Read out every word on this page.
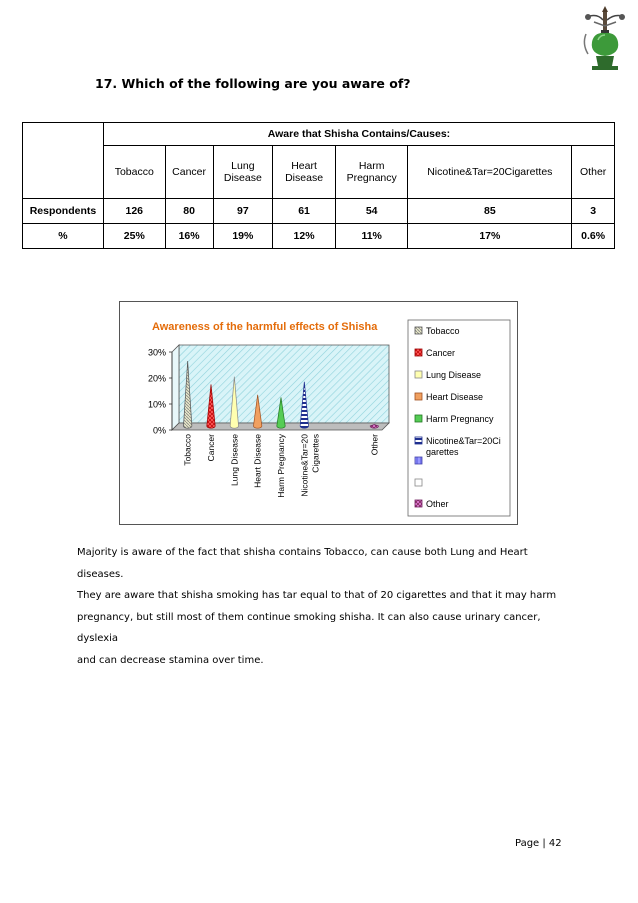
17. Which of the following are you aware of?
	Aware that Shisha Contains/Causes:						
	Tobacco	Cancer	Lung
Disease	Heart
Disease	Harm
Pregnancy	Nicotine&Tar=20Cigarettes	Other
Respondents	126	80	97	61	54	85	3
%	25%	16%	19%	12%	11%	17%	0.6%
Awareness of the harmful effects of Shisha
0%
10%
20%
30%
Tobacco Cancer Lung Disease Heart Disease Harm Pregnancy Nicotine&Tar=20 Cigarettes	Other
Tobacco
Cancer
Lung Disease
Heart Disease
Harm Pregnancy
Nicotine&Tar=20Ci
garettes
Other

Majority is aware of the fact that shisha contains Tobacco, can cause both Lung and Heart diseases.

They are aware that shisha smoking has tar equal to that of 20 cigarettes and that it may harm

pregnancy, but still most of them continue smoking shisha. It can also cause urinary cancer, dyslexia

and can decrease stamina over time.

Page | 42
